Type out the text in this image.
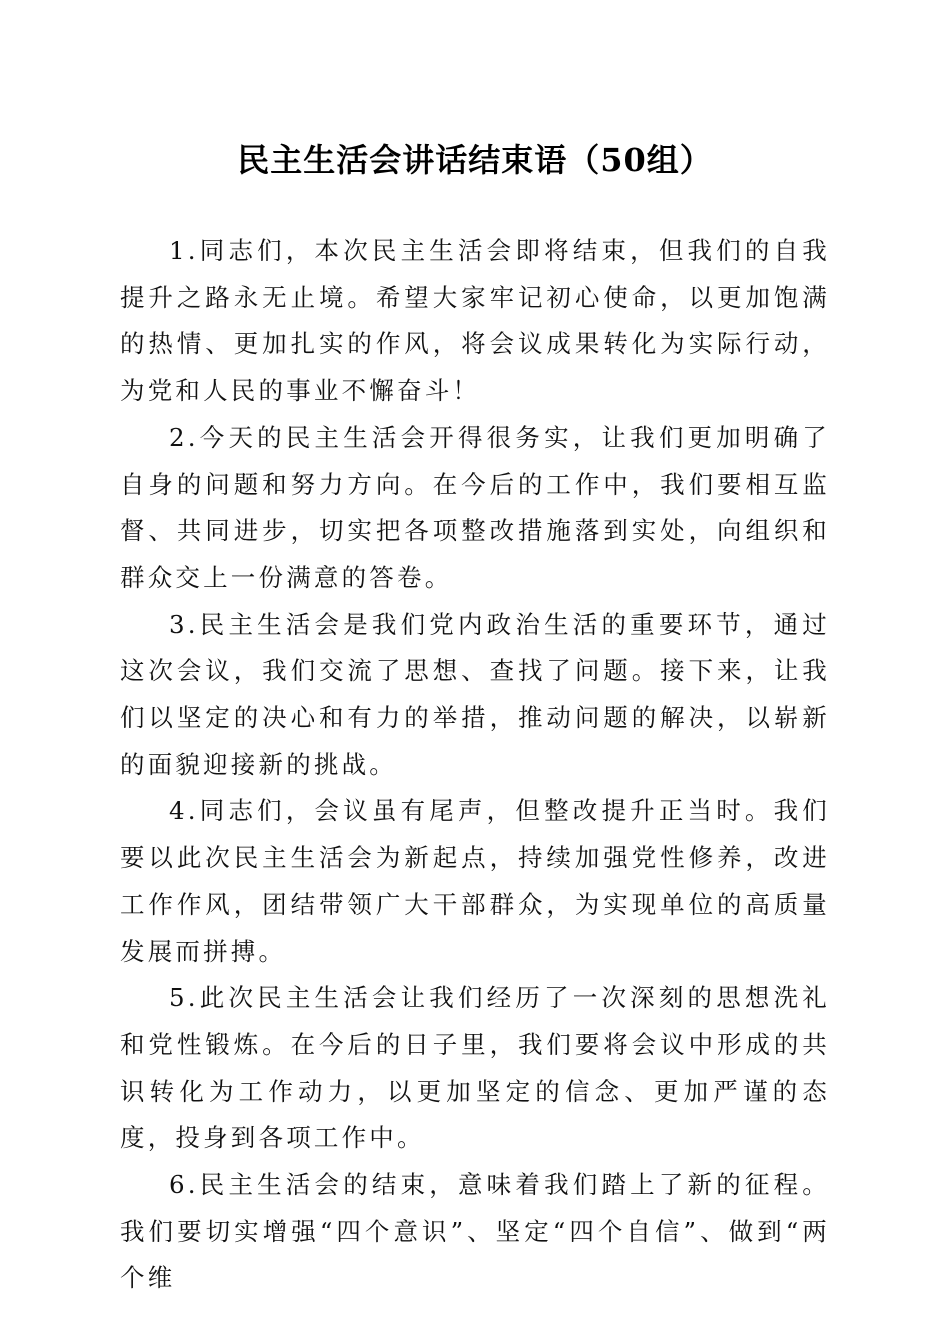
民主生活会讲话结束语（50组）

1.同志们，本次民主生活会即将结束，但我们的自我提升之路永无止境。希望大家牢记初心使命，以更加饱满的热情、更加扎实的作风，将会议成果转化为实际行动，为党和人民的事业不懈奋斗！

2.今天的民主生活会开得很务实，让我们更加明确了自身的问题和努力方向。在今后的工作中，我们要相互监督、共同进步，切实把各项整改措施落到实处，向组织和群众交上一份满意的答卷。

3.民主生活会是我们党内政治生活的重要环节，通过这次会议，我们交流了思想、查找了问题。接下来，让我们以坚定的决心和有力的举措，推动问题的解决，以崭新的面貌迎接新的挑战。

4.同志们，会议虽有尾声，但整改提升正当时。我们要以此次民主生活会为新起点，持续加强党性修养，改进工作作风，团结带领广大干部群众，为实现单位的高质量发展而拼搏。

5.此次民主生活会让我们经历了一次深刻的思想洗礼和党性锻炼。在今后的日子里，我们要将会议中形成的共识转化为工作动力，以更加坚定的信念、更加严谨的态度，投身到各项工作中。

6.民主生活会的结束，意味着我们踏上了新的征程。我们要切实增强“四个意识”、坚定“四个自信”、做到“两个维
